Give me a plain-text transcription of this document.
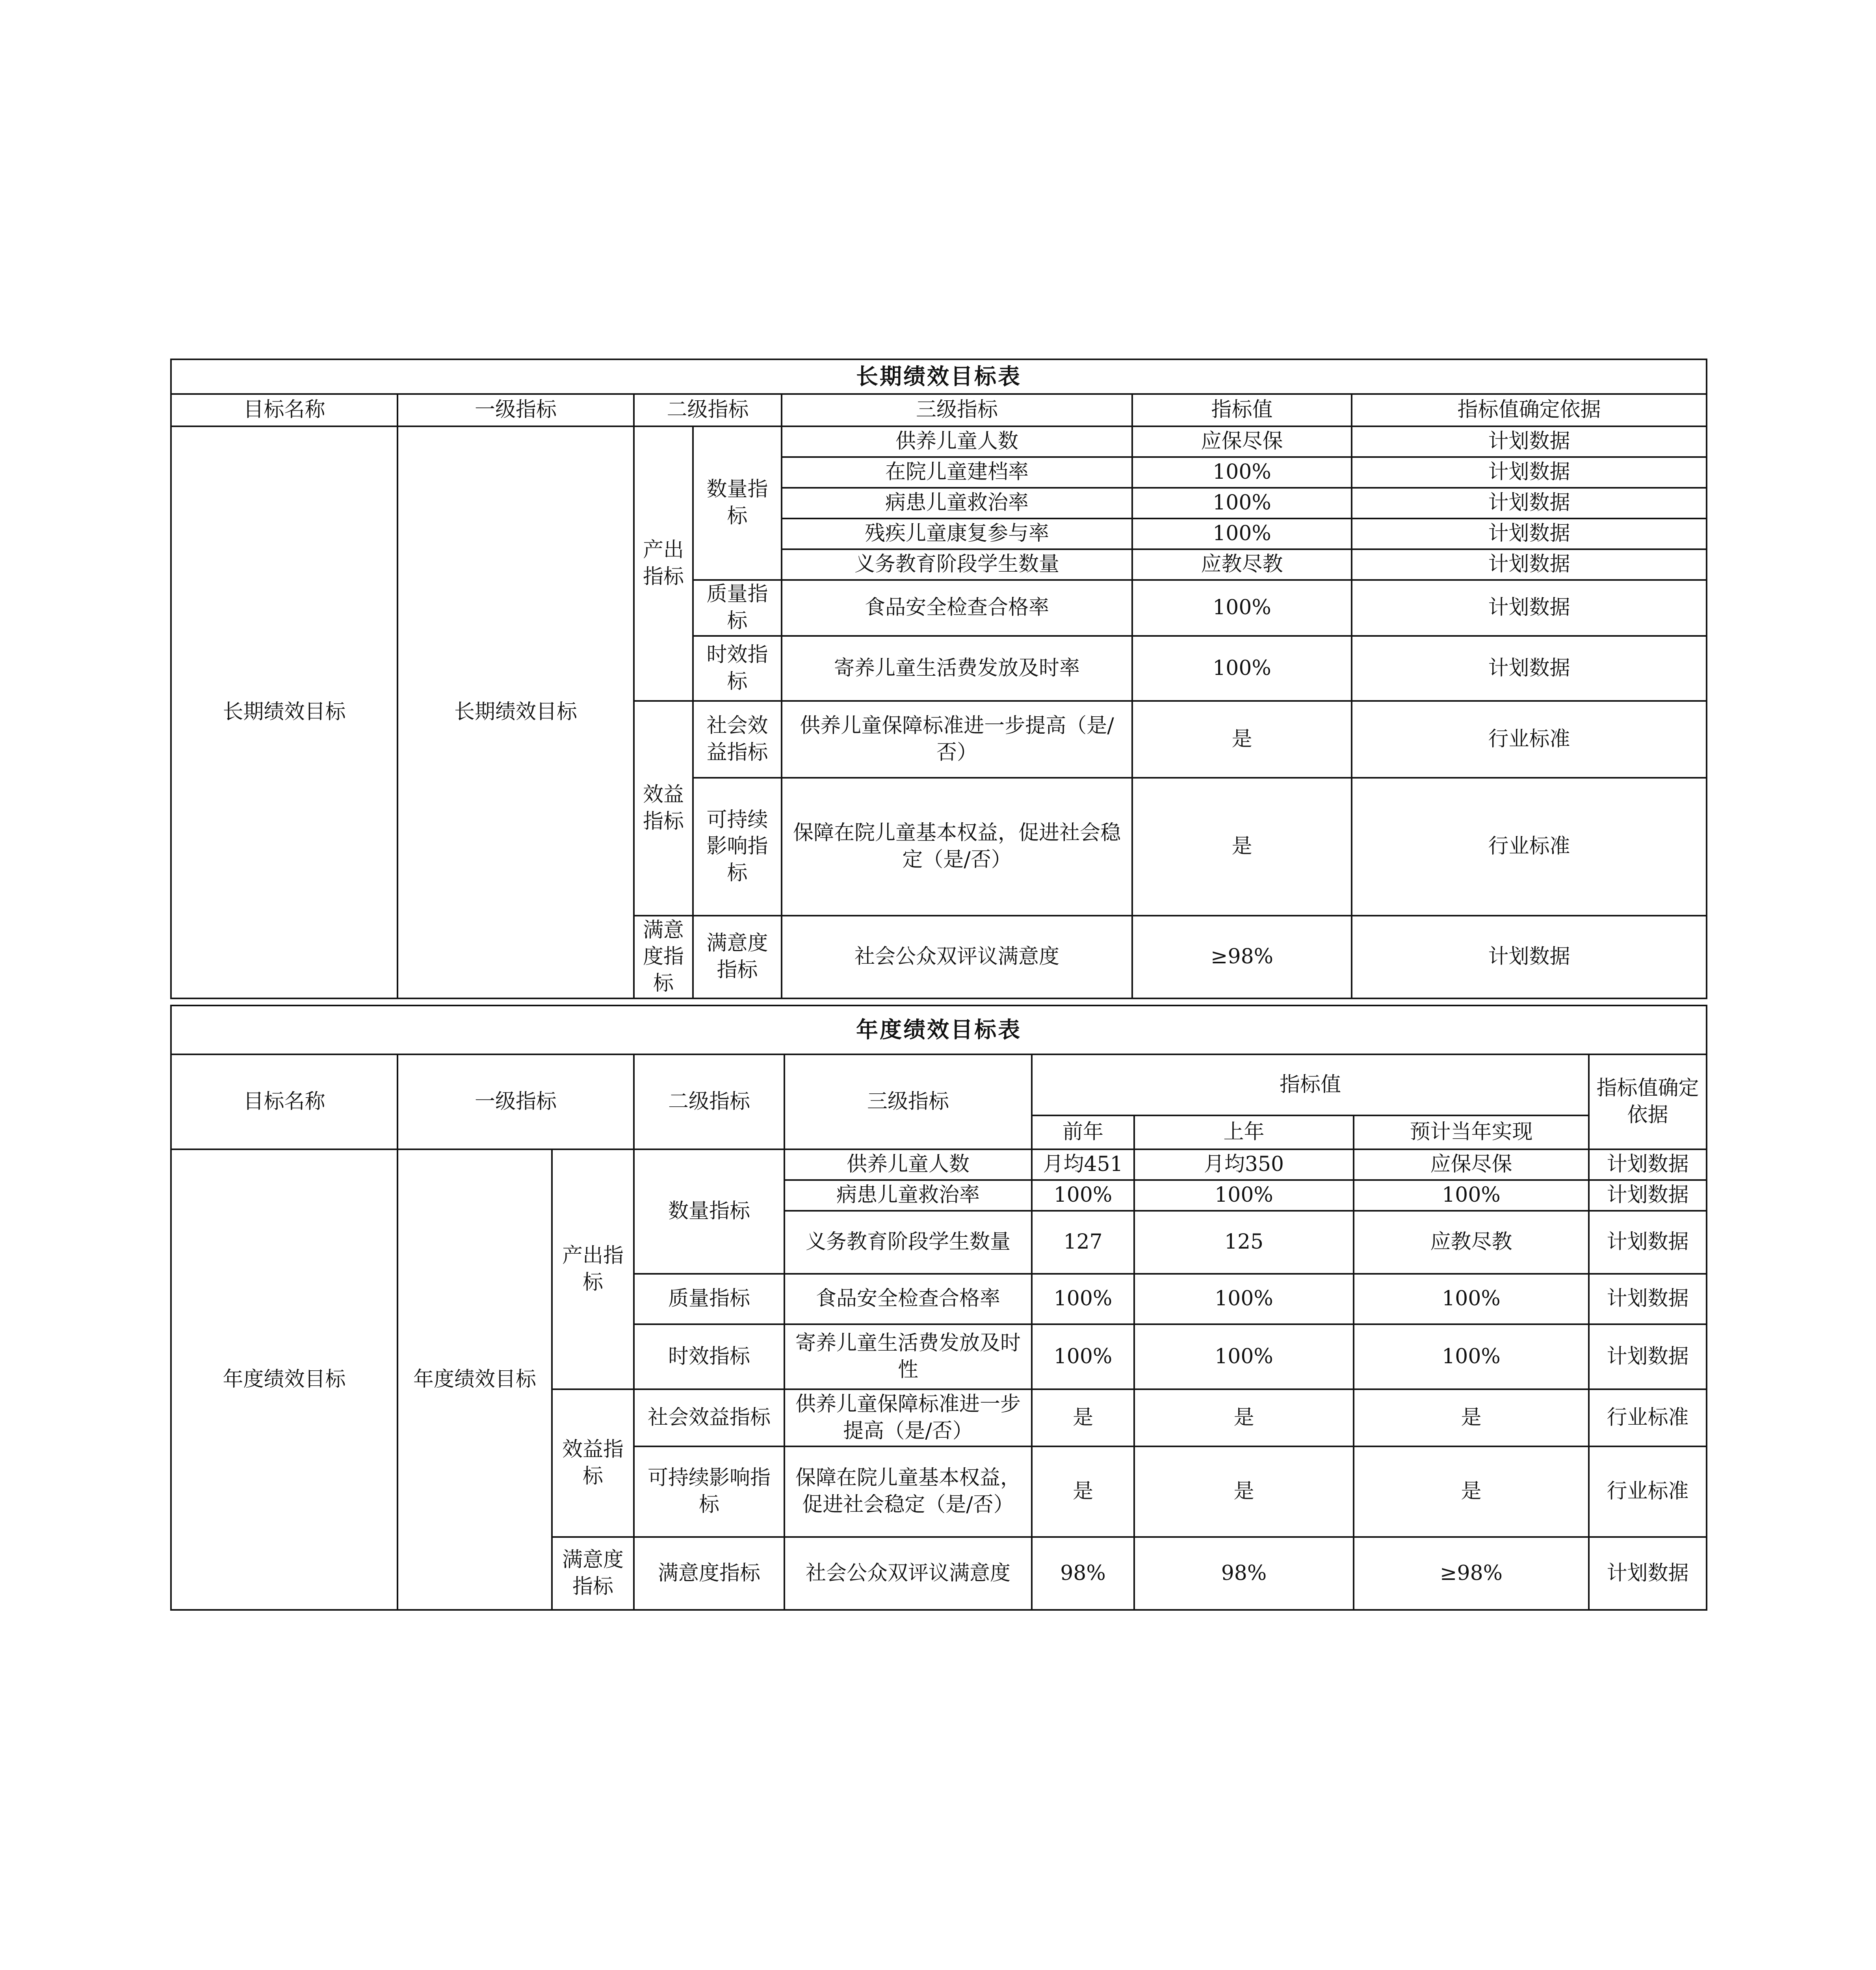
长期绩效目标表						
目标名称	一级指标	二级指标		三级指标	指标值	指标值确定依据
长期绩效目标	长期绩效目标	产出指标	数量指标	供养儿童人数	应保尽保	计划数据
				在院儿童建档率	100%	计划数据
				病患儿童救治率	100%	计划数据
				残疾儿童康复参与率	100%	计划数据
				义务教育阶段学生数量	应教尽教	计划数据
			质量指标	食品安全检查合格率	100%	计划数据
			时效指标	寄养儿童生活费发放及时率	100%	计划数据
		效益指标	社会效益指标	供养儿童保障标准进一步提高（是/否）	是	行业标准
			可持续影响指标	保障在院儿童基本权益，促进社会稳定（是/否）	是	行业标准
		满意度指标	满意度指标	社会公众双评议满意度	≥98%	计划数据
年度绩效目标表								
目标名称	一级指标		二级指标	三级指标	指标值			指标值确定依据
					前年	上年	预计当年实现	
年度绩效目标	年度绩效目标	产出指标	数量指标	供养儿童人数	月均451	月均350	应保尽保	计划数据
				病患儿童救治率	100%	100%	100%	计划数据
				义务教育阶段学生数量	127	125	应教尽教	计划数据
			质量指标	食品安全检查合格率	100%	100%	100%	计划数据
			时效指标	寄养儿童生活费发放及时性	100%	100%	100%	计划数据
		效益指标	社会效益指标	供养儿童保障标准进一步提高（是/否）	是	是	是	行业标准
			可持续影响指标	保障在院儿童基本权益，促进社会稳定（是/否）	是	是	是	行业标准
		满意度指标	满意度指标	社会公众双评议满意度	98%	98%	≥98%	计划数据
